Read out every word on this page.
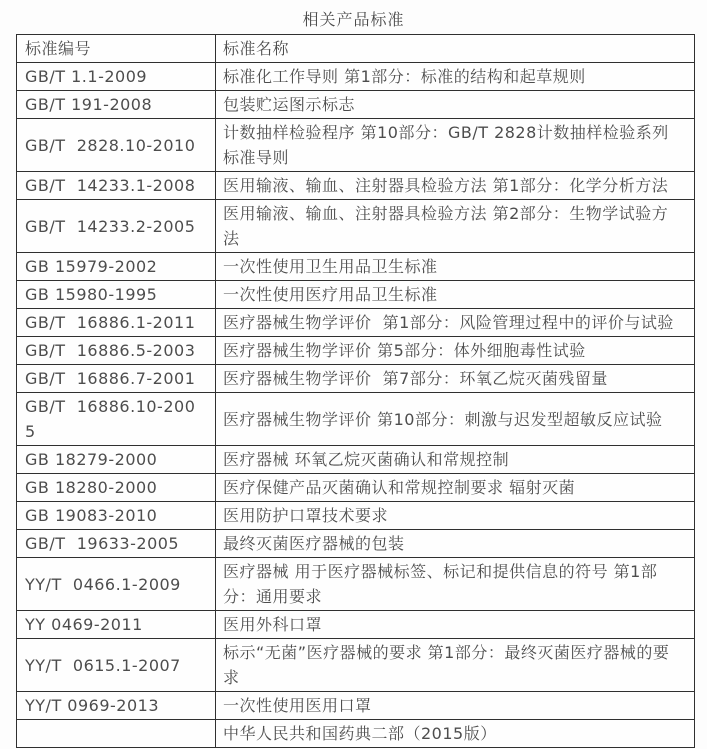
相关产品标准
标准编号	标准名称
GB/T 1.1-2009	标准化工作导则 第1部分：标准的结构和起草规则
GB/T 191-2008	包装贮运图示标志
GB/T  2828.10-2010	计数抽样检验程序 第10部分：GB/T 2828计数抽样检验系列标准导则
GB/T  14233.1-2008	医用输液、输血、注射器具检验方法 第1部分：化学分析方法
GB/T  14233.2-2005	医用输液、输血、注射器具检验方法 第2部分：生物学试验方法
GB 15979-2002	一次性使用卫生用品卫生标准
GB 15980-1995	一次性使用医疗用品卫生标准
GB/T  16886.1-2011	医疗器械生物学评价  第1部分：风险管理过程中的评价与试验
GB/T  16886.5-2003	医疗器械生物学评价 第5部分：体外细胞毒性试验
GB/T  16886.7-2001	医疗器械生物学评价  第7部分：环氧乙烷灭菌残留量
GB/T  16886.10-2005	医疗器械生物学评价 第10部分：刺激与迟发型超敏反应试验
GB 18279-2000	医疗器械 环氧乙烷灭菌确认和常规控制
GB 18280-2000	医疗保健产品灭菌确认和常规控制要求 辐射灭菌
GB 19083-2010	医用防护口罩技术要求
GB/T  19633-2005	最终灭菌医疗器械的包装
YY/T  0466.1-2009	医疗器械 用于医疗器械标签、标记和提供信息的符号 第1部分：通用要求
YY 0469-2011	医用外科口罩
YY/T  0615.1-2007	标示“无菌”医疗器械的要求 第1部分：最终灭菌医疗器械的要求
YY/T 0969-2013	一次性使用医用口罩
	中华人民共和国药典二部（2015版）
